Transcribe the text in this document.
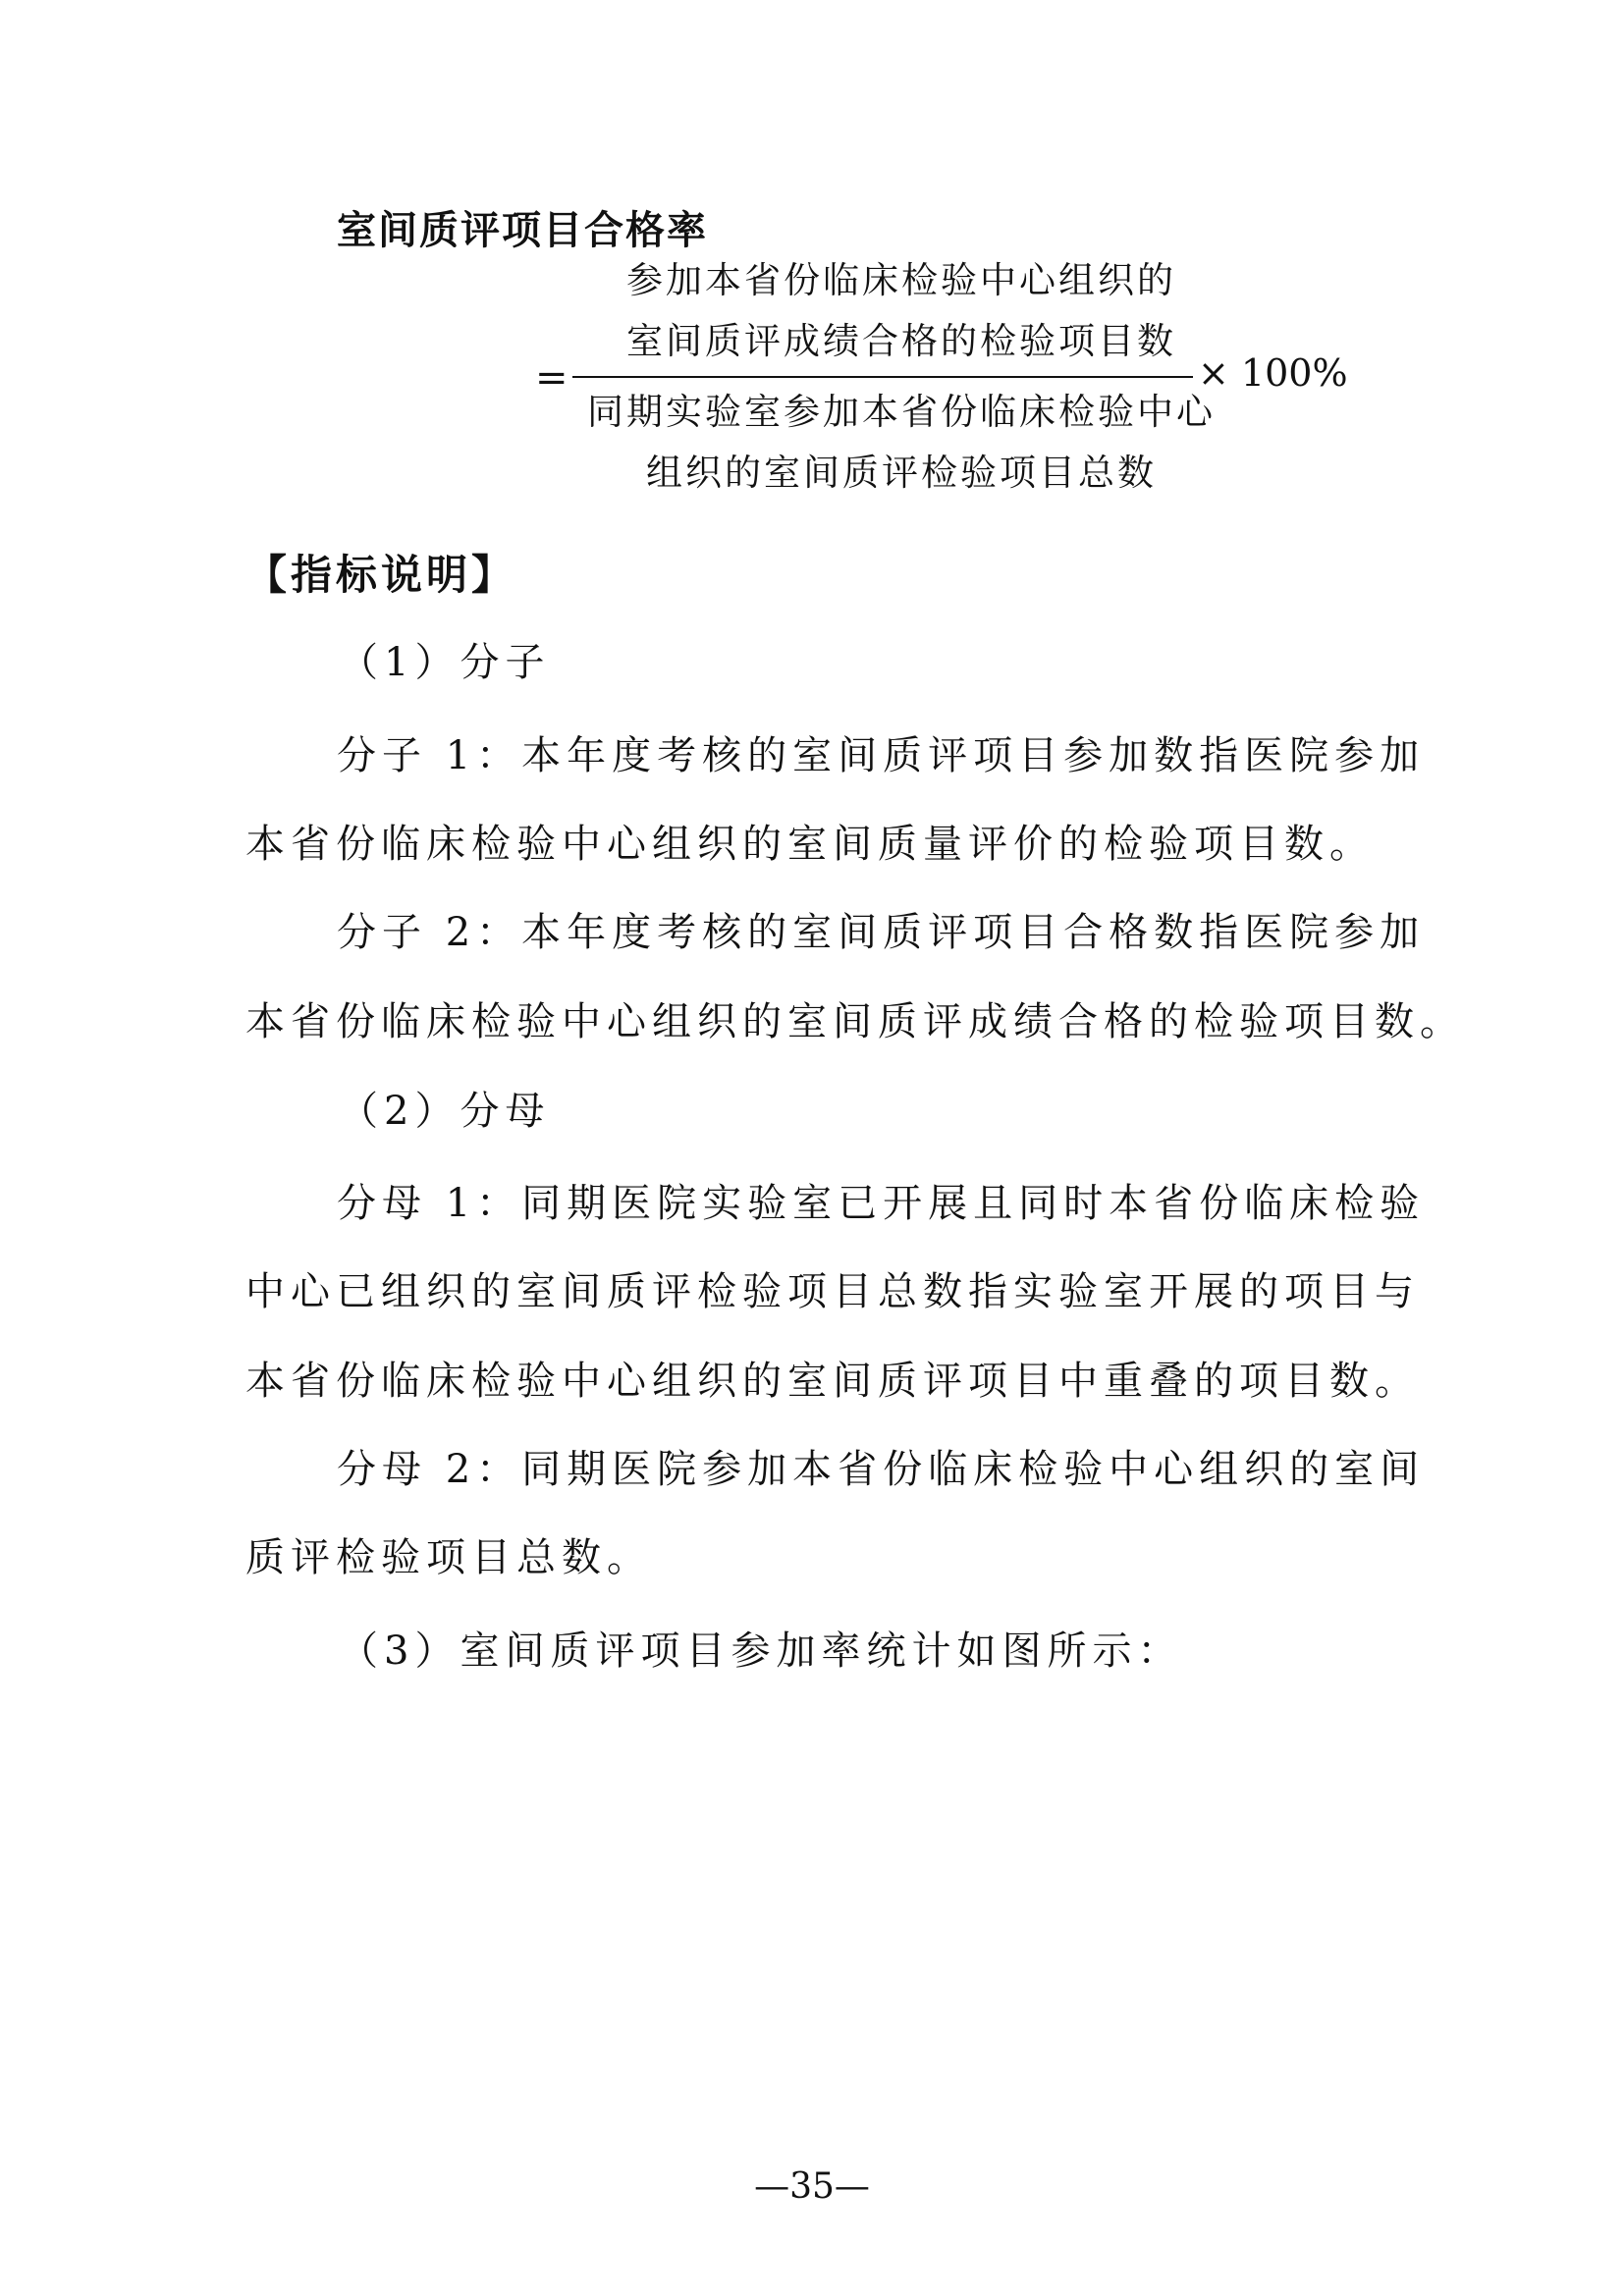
室间质评项目合格率
=
参加本省份临床检验中心组织的
室间质评成绩合格的检验项目数
同期实验室参加本省份临床检验中心
组织的室间质评检验项目总数
× 100%
【指标说明】
（1）分子
分子 1：本年度考核的室间质评项目参加数指医院参加
本省份临床检验中心组织的室间质量评价的检验项目数。
分子 2：本年度考核的室间质评项目合格数指医院参加
本省份临床检验中心组织的室间质评成绩合格的检验项目数。
（2）分母
分母 1：同期医院实验室已开展且同时本省份临床检验
中心已组织的室间质评检验项目总数指实验室开展的项目与
本省份临床检验中心组织的室间质评项目中重叠的项目数。
分母 2：同期医院参加本省份临床检验中心组织的室间
质评检验项目总数。
（3）室间质评项目参加率统计如图所示：
—35—
